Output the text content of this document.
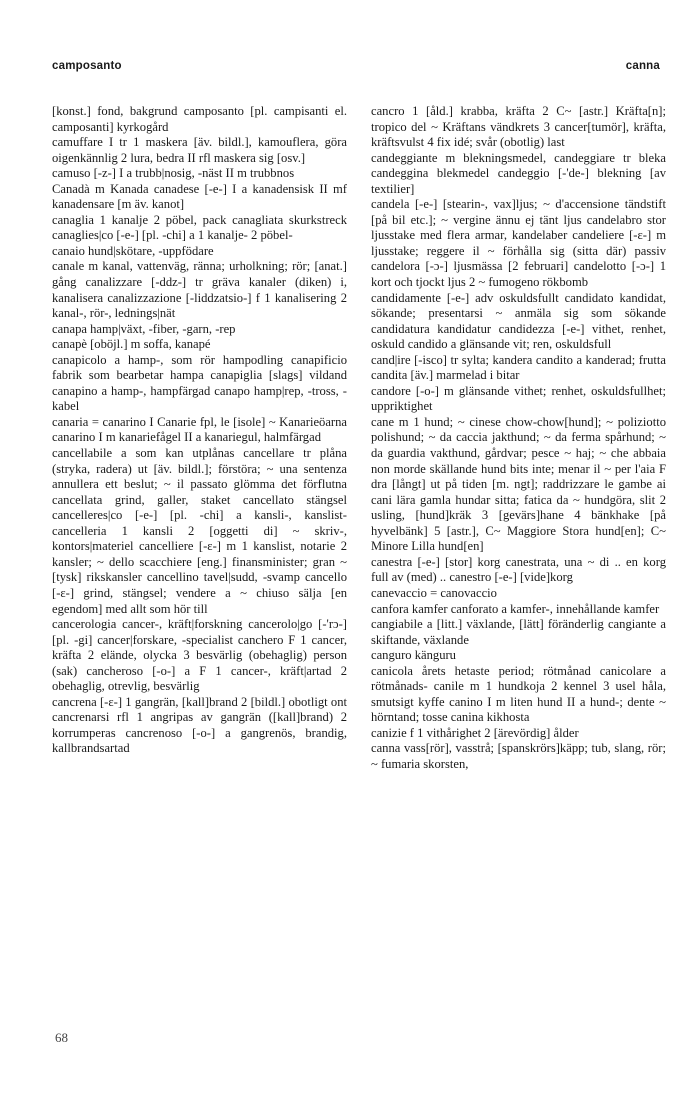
camposanto	canna

[konst.] fond, bakgrund camposanto [pl. campisanti el. camposanti] kyrkogård

camuffare I tr 1 maskera [äv. bildl.], kamouflera, göra oigenkännlig 2 lura, bedra II rfl maskera sig [osv.]

camuso [-z-] I a trubb|nosig, -näst II m trubbnos

Canadà m Kanada canadese [-e-] I a kanadensisk II mf kanadensare [m äv. kanot]

canaglia 1 kanalje 2 pöbel, pack canagliata skurkstreck canaglies|co [-e-] [pl. -chi] a 1 kanalje- 2 pöbel-

canaio hund|skötare, -uppfödare

canale m kanal, vattenväg, ränna; urholkning; rör; [anat.] gång canalizzare [-ddz-] tr gräva kanaler (diken) i, kanalisera canalizzazione [-liddzatsio-] f 1 kanalisering 2 kanal-, rör-, lednings|nät

canapa hamp|växt, -fiber, -garn, -rep

canapè [oböjl.] m soffa, kanapé

canapicolo a hamp-, som rör hampodling canapificio fabrik som bearbetar hampa canapiglia [slags] vildand canapino a hamp-, hampfärgad canapo hamp|rep, -tross, -kabel

canaria = canarino I Canarie fpl, le [isole] ~ Kanarieöarna canarino I m kanariefågel II a kanariegul, halmfärgad

cancellabile a som kan utplånas cancellare tr plåna (stryka, radera) ut [äv. bildl.]; förstöra; ~ una sentenza annullera ett beslut; ~ il passato glömma det förflutna cancellata grind, galler, staket cancellato stängsel cancelleres|co [-e-] [pl. -chi] a kansli-, kanslist- cancelleria 1 kansli 2 [oggetti di] ~ skriv-, kontors|materiel cancelliere [-ε-] m 1 kanslist, notarie 2 kansler; ~ dello scacchiere [eng.] finansminister; gran ~ [tysk] rikskansler cancellino tavel|sudd, -svamp cancello [-ε-] grind, stängsel; vendere a ~ chiuso sälja [en egendom] med allt som hör till

cancerologia cancer-, kräft|forskning cancerolo|go [-'rɔ-] [pl. -gi] cancer|forskare, -specialist canchero F 1 cancer, kräfta 2 elände, olycka 3 besvärlig (obehaglig) person (sak) cancheroso [-o-] a F 1 cancer-, kräft|artad 2 obehaglig, otrevlig, besvärlig

cancrena [-ε-] 1 gangrän, [kall]brand 2 [bildl.] obotligt ont cancrenarsi rfl 1 angripas av gangrän ([kall]brand) 2 korrumperas cancrenoso [-o-] a gangrenös, brandig, kallbrandsartad

cancro 1 [åld.] krabba, kräfta 2 C~ [astr.] Kräfta[n]; tropico del ~ Kräftans vändkrets 3 cancer[tumör], kräfta, kräftsvulst 4 fix idé; svår (obotlig) last

candeggiante m blekningsmedel, candeggiare tr bleka candeggina blekmedel candeggio [-'de-] blekning [av textilier]

candela [-e-] [stearin-, vax]ljus; ~ d'accensione tändstift [på bil etc.]; ~ vergine ännu ej tänt ljus candelabro stor ljusstake med flera armar, kandelaber candeliere [-ε-] m ljusstake; reggere il ~ förhålla sig (sitta där) passiv candelora [-ɔ-] ljusmässa [2 februari] candelotto [-ɔ-] 1 kort och tjockt ljus 2 ~ fumogeno rökbomb

candidamente [-e-] adv oskuldsfullt candidato kandidat, sökande; presentarsi ~ anmäla sig som sökande candidatura kandidatur candidezza [-e-] vithet, renhet, oskuld candido a glänsande vit; ren, oskuldsfull

cand|ire [-isco] tr sylta; kandera candito a kanderad; frutta candita [äv.] marmelad i bitar

candore [-o-] m glänsande vithet; renhet, oskuldsfullhet; uppriktighet

cane m 1 hund; ~ cinese chow-chow[hund]; ~ poliziotto polishund; ~ da caccia jakthund; ~ da ferma spårhund; ~ da guardia vakthund, gårdvar; pesce ~ haj; ~ che abbaia non morde skällande hund bits inte; menar il ~ per l'aia F dra [långt] ut på tiden [m. ngt]; raddrizzare le gambe ai cani lära gamla hundar sitta; fatica da ~ hundgöra, slit 2 usling, [hund]kräk 3 [gevärs]hane 4 bänkhake [på hyvelbänk] 5 [astr.], C~ Maggiore Stora hund[en]; C~ Minore Lilla hund[en]

canestra [-e-] [stor] korg canestrata, una ~ di .. en korg full av (med) .. canestro [-e-] [vide]korg

canevaccio = canovaccio

canfora kamfer canforato a kamfer-, innehållande kamfer

cangiabile a [litt.] växlande, [lätt] föränderlig cangiante a skiftande, växlande

canguro känguru

canicola årets hetaste period; rötmånad canicolare a rötmånads- canile m 1 hundkoja 2 kennel 3 usel håla, smutsigt kyffe canino I m liten hund II a hund-; dente ~ hörntand; tosse canina kikhosta

canizie f 1 vithårighet 2 [ärevördig] ålder

canna vass[rör], vasstrå; [spanskrörs]käpp; tub, slang, rör; ~ fumaria skorsten,

68
